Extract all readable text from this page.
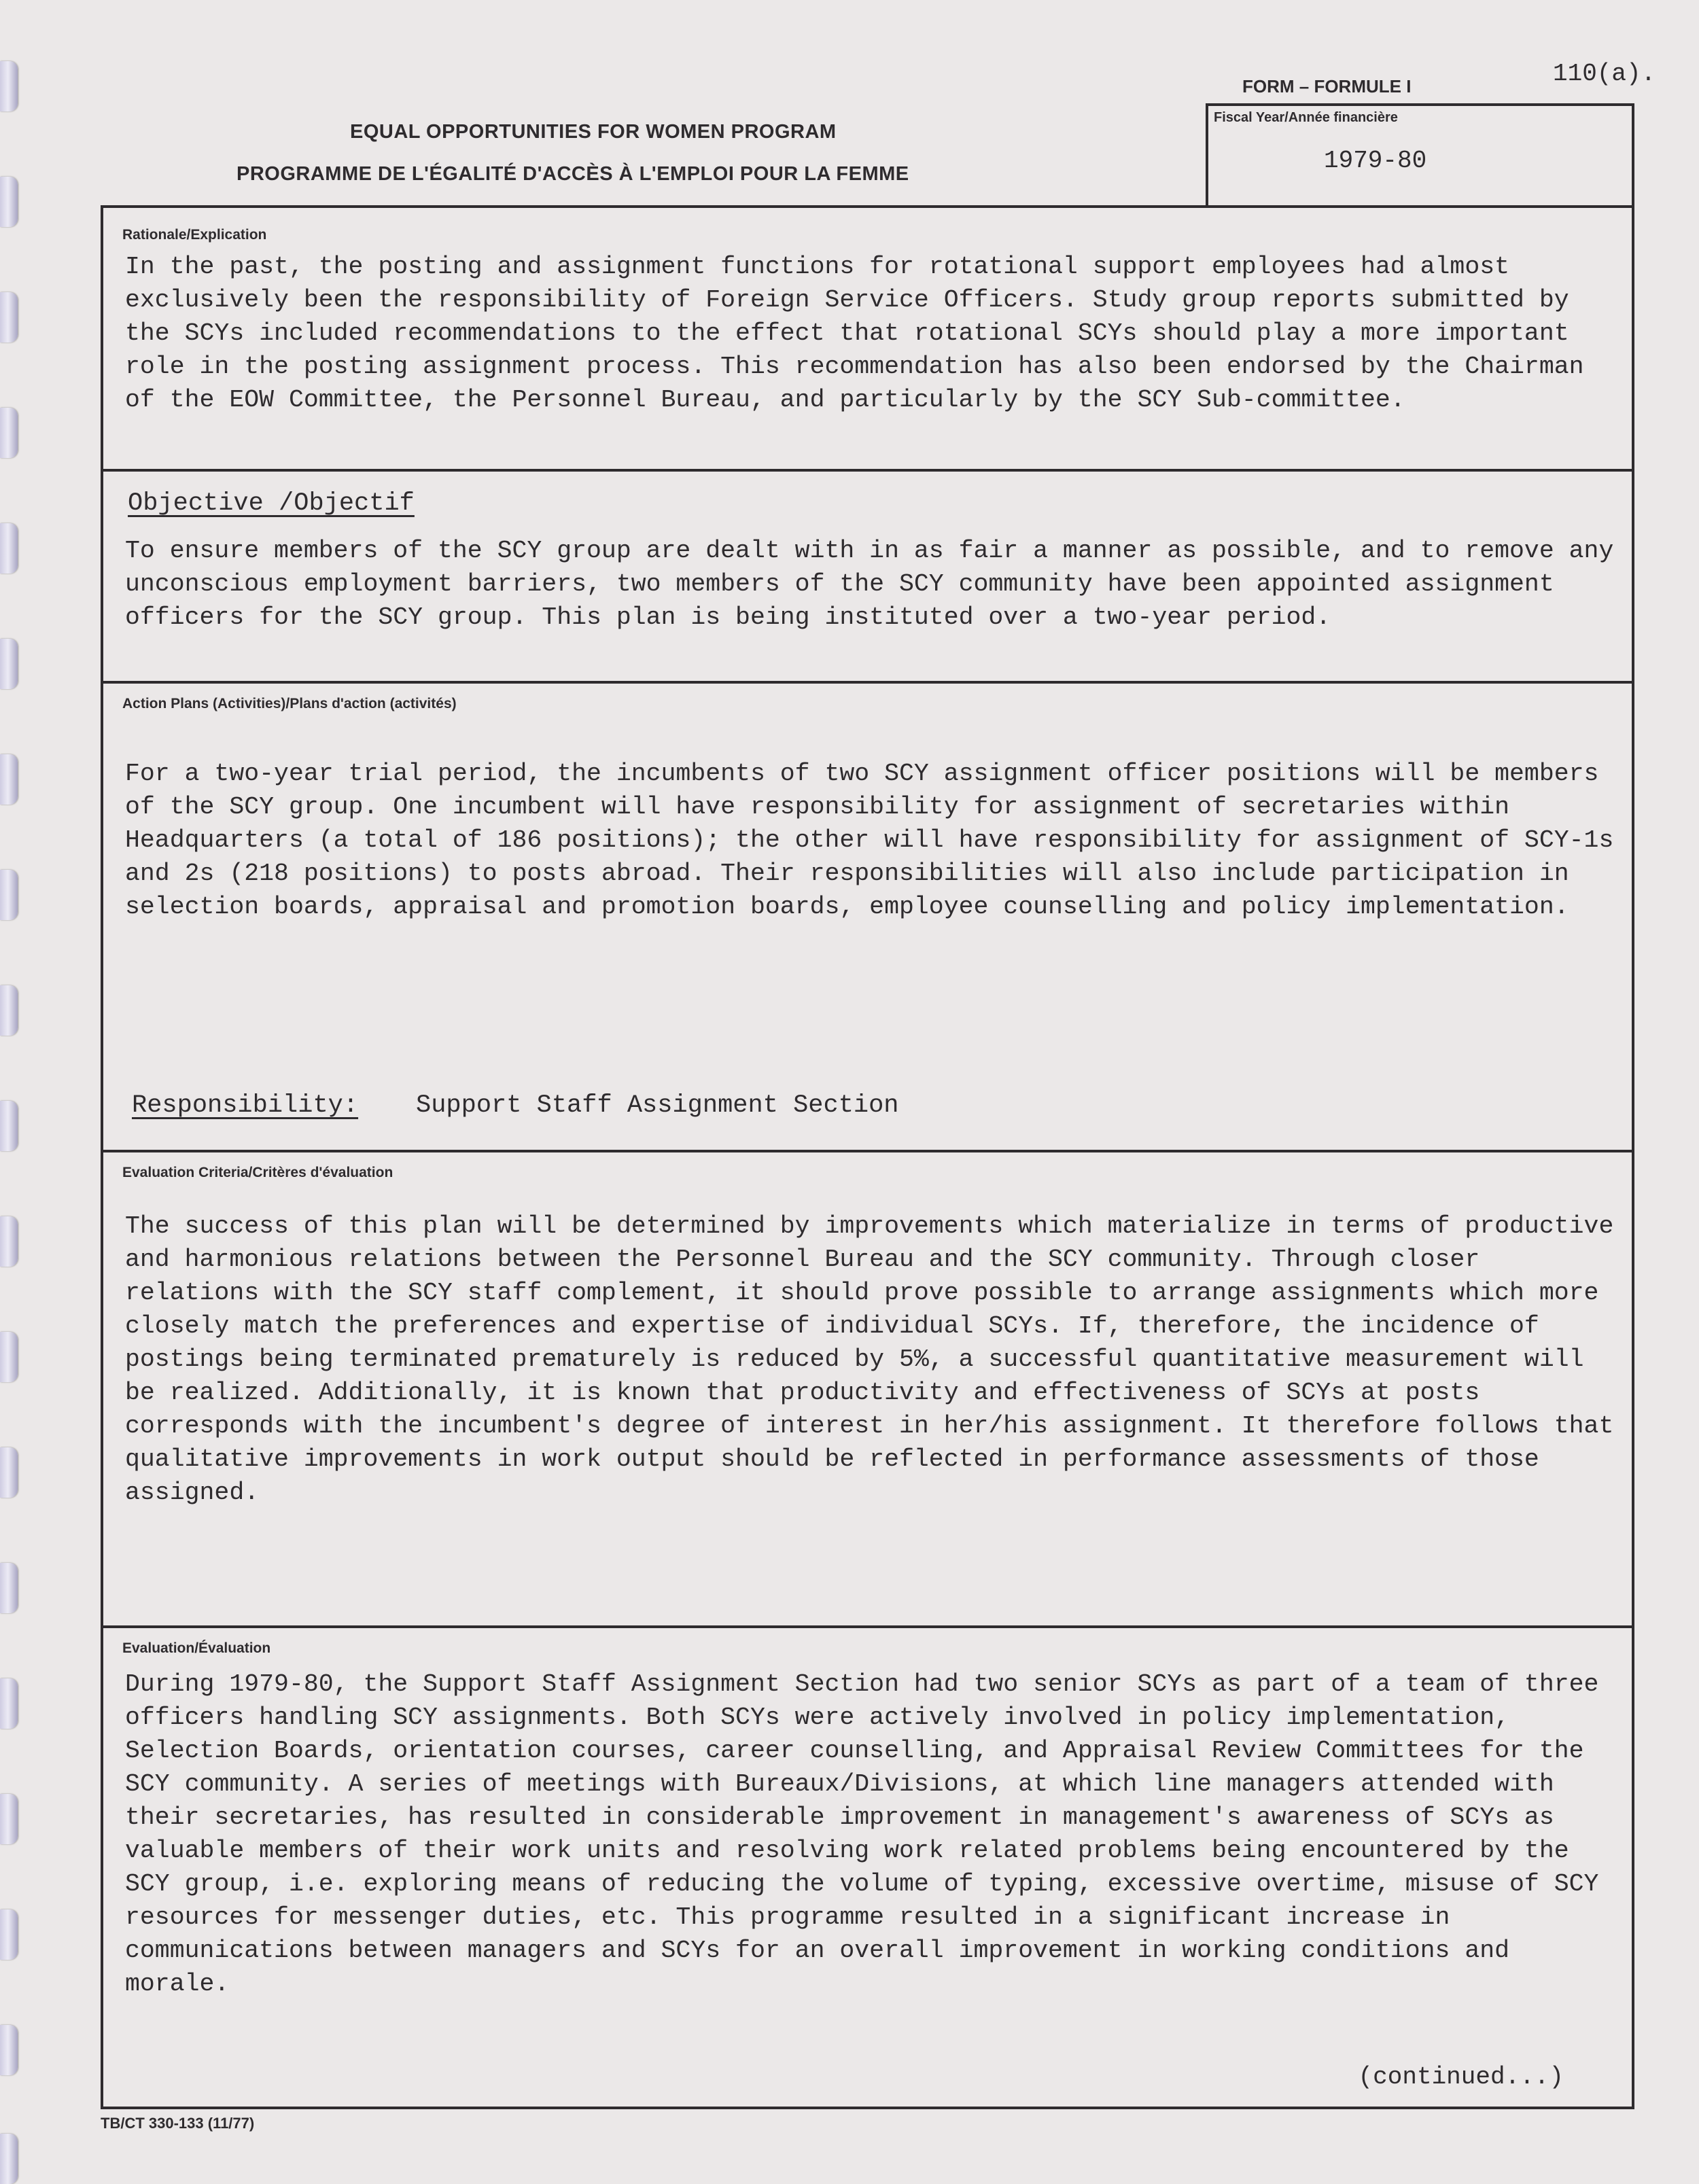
110(a).
EQUAL OPPORTUNITIES FOR WOMEN PROGRAM
PROGRAMME DE L'ÉGALITÉ D'ACCÈS À L'EMPLOI POUR LA FEMME
FORM – FORMULE I
Fiscal Year/Année financière
1979-80
Rationale/Explication
In the past, the posting and assignment functions for rotational support employees had almost exclusively been the responsibility of Foreign Service Officers. Study group reports submitted by the SCYs included recommendations to the effect that rotational SCYs should play a more important role in the posting assignment process. This recommendation has also been endorsed by the Chairman of the EOW Committee, the Personnel Bureau, and particularly by the SCY Sub-committee.
Objective /Objectif
To ensure members of the SCY group are dealt with in as fair a manner as possible, and to remove any unconscious employment barriers, two members of the SCY community have been appointed assignment officers for the SCY group. This plan is being instituted over a two-year period.
Action Plans (Activities)/Plans d'action (activités)
For a two-year trial period, the incumbents of two SCY assignment officer positions will be members of the SCY group. One incumbent will have responsibility for assignment of secretaries within Headquarters (a total of 186 positions); the other will have responsibility for assignment of SCY-1s and 2s (218 positions) to posts abroad. Their responsibilities will also include participation in selection boards, appraisal and promotion boards, employee counselling and policy implementation.
Responsibility: Support Staff Assignment Section
Evaluation Criteria/Critères d'évaluation
The success of this plan will be determined by improvements which materialize in terms of productive and harmonious relations between the Personnel Bureau and the SCY community. Through closer relations with the SCY staff complement, it should prove possible to arrange assignments which more closely match the preferences and expertise of individual SCYs. If, therefore, the incidence of postings being terminated prematurely is reduced by 5%, a successful quantitative measurement will be realized. Additionally, it is known that productivity and effectiveness of SCYs at posts corresponds with the incumbent's degree of interest in her/his assignment. It therefore follows that qualitative improvements in work output should be reflected in performance assessments of those assigned.
Evaluation/Évaluation
During 1979-80, the Support Staff Assignment Section had two senior SCYs as part of a team of three officers handling SCY assignments. Both SCYs were actively involved in policy implementation, Selection Boards, orientation courses, career counselling, and Appraisal Review Committees for the SCY community. A series of meetings with Bureaux/Divisions, at which line managers attended with their secretaries, has resulted in considerable improvement in management's awareness of SCYs as valuable members of their work units and resolving work related problems being encountered by the SCY group, i.e. exploring means of reducing the volume of typing, excessive overtime, misuse of SCY resources for messenger duties, etc. This programme resulted in a significant increase in communications between managers and SCYs for an overall improvement in working conditions and morale.
(continued...)
TB/CT 330-133 (11/77)
